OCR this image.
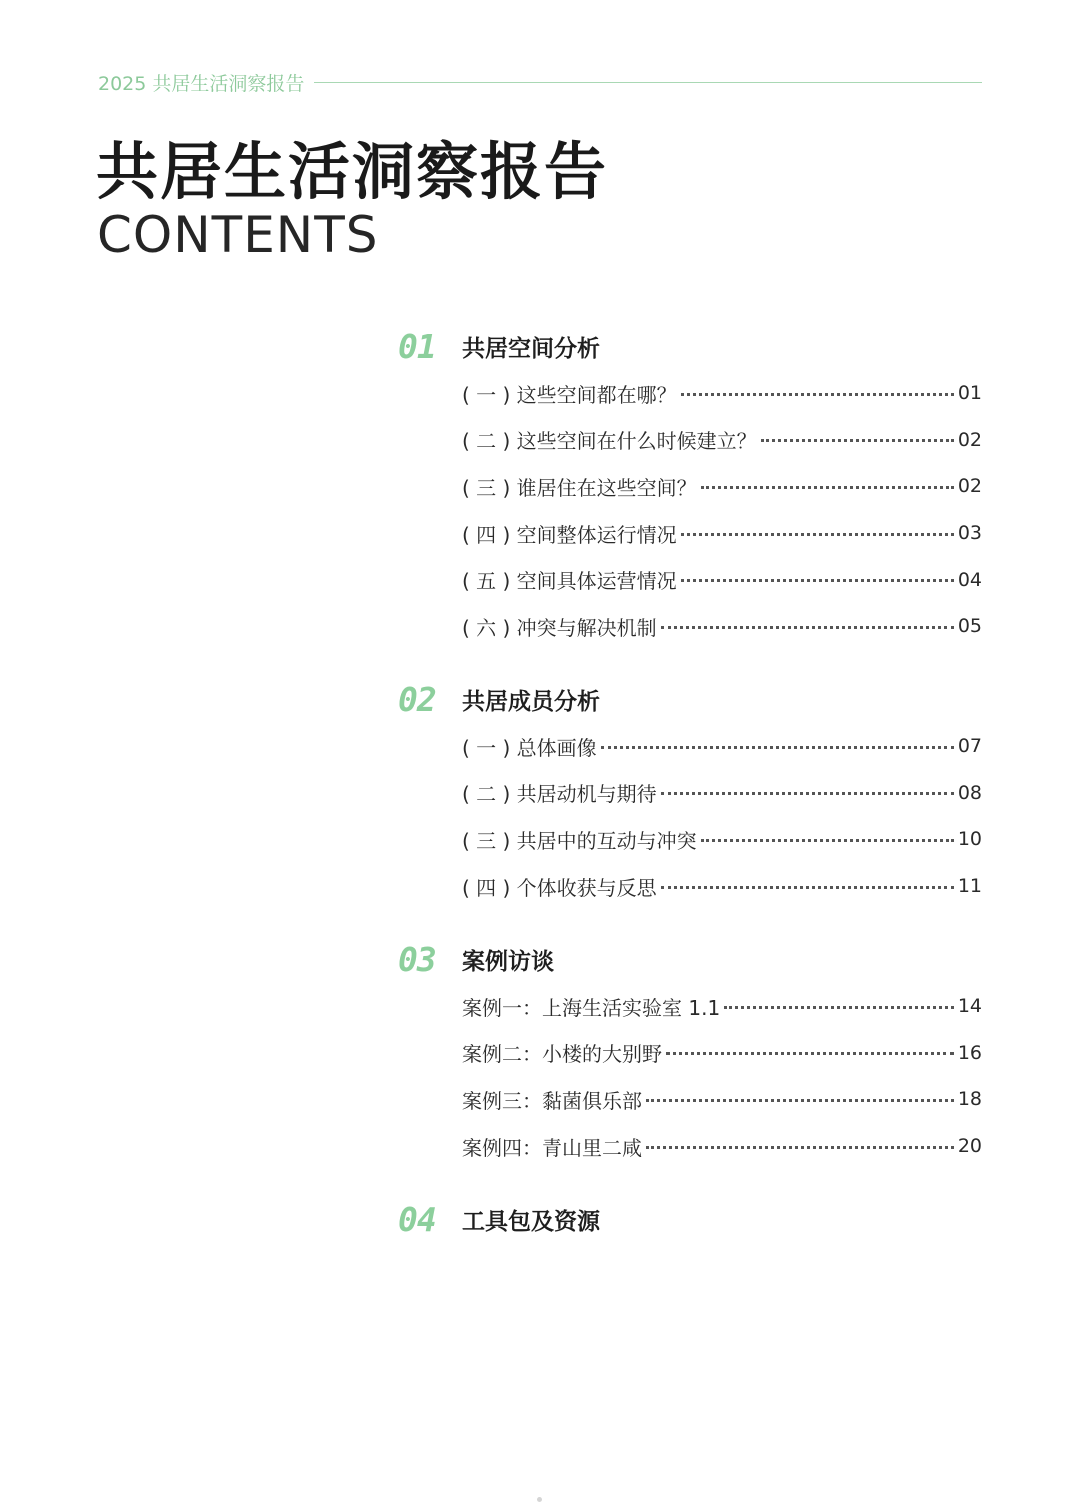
2025 共居生活洞察报告
共居生活洞察报告
CONTENTS
01	共居空间分析
( 一 ) 这些空间都在哪？	01
( 二 ) 这些空间在什么时候建立？	02
( 三 ) 谁居住在这些空间？	02
( 四 ) 空间整体运行情况	03
( 五 ) 空间具体运营情况	04
( 六 ) 冲突与解决机制	05
02	共居成员分析
( 一 ) 总体画像	07
( 二 ) 共居动机与期待	08
( 三 ) 共居中的互动与冲突	10
( 四 ) 个体收获与反思	11
03	案例访谈
案例一：上海生活实验室 1.1	14
案例二：小楼的大别野	16
案例三：黏菌俱乐部	18
案例四：青山里二咸	20
04	工具包及资源
